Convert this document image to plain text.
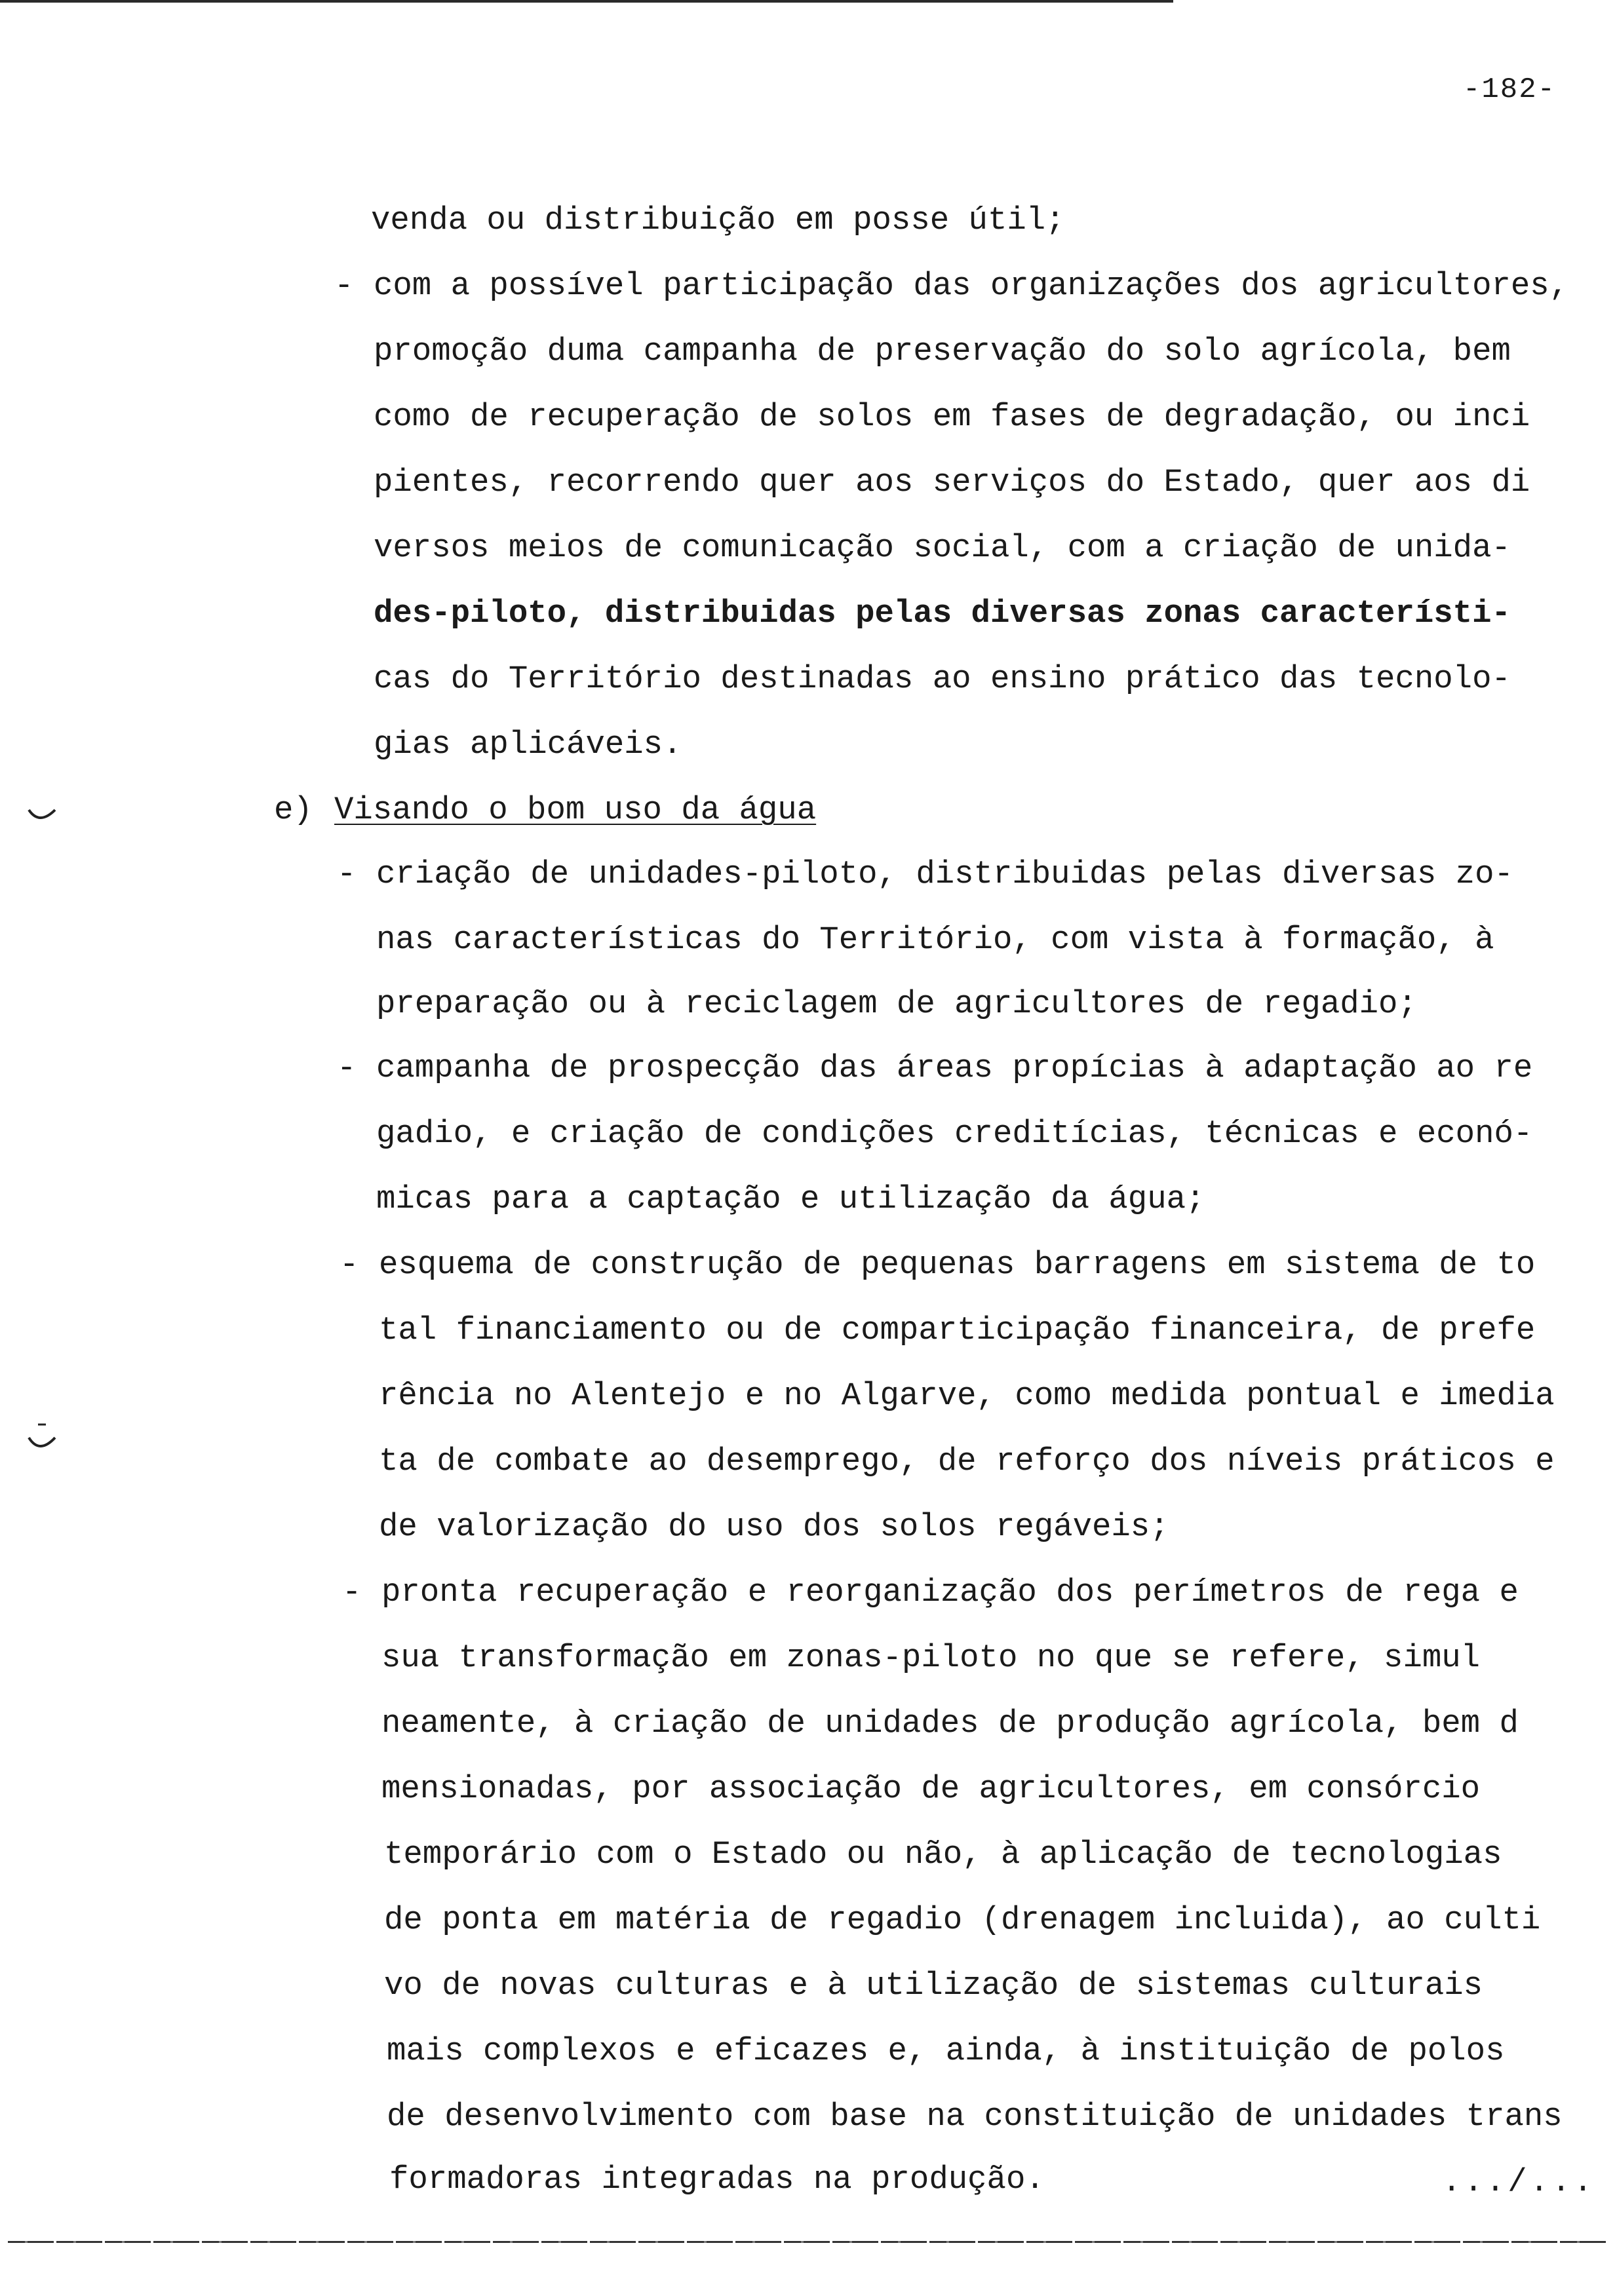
-182-
venda ou distribuição em posse útil;
- com a possível participação das organizações dos agricultores,
promoção duma campanha de preservação do solo agrícola, bem
como de recuperação de solos em fases de degradação, ou inci
pientes, recorrendo quer aos serviços do Estado, quer aos di
versos meios de comunicação social, com a criação de unida-
des-piloto, distribuidas pelas diversas zonas característi-
cas do Território destinadas ao ensino prático das tecnolo-
gias aplicáveis.
e) Visando o bom uso da água
- criação de unidades-piloto, distribuidas pelas diversas zo-
nas características do Território, com vista à formação, à
preparação ou à reciclagem de agricultores de regadio;
- campanha de prospecção das áreas propícias à adaptação ao re
gadio, e criação de condições creditícias, técnicas e econó-
micas para a captação e utilização da água;
- esquema de construção de pequenas barragens em sistema de to
tal financiamento ou de comparticipação financeira, de prefe
rência no Alentejo e no Algarve, como medida pontual e imedia
ta de combate ao desemprego, de reforço dos níveis práticos e
de valorização do uso dos solos regáveis;
- pronta recuperação e reorganização dos perímetros de rega e
sua transformação em zonas-piloto no que se refere, simul
neamente, à criação de unidades de produção agrícola, bem d
mensionadas, por associação de agricultores, em consórcio
temporário com o Estado ou não, à aplicação de tecnologias
de ponta em matéria de regadio (drenagem incluida), ao culti
vo de novas culturas e à utilização de sistemas culturais
mais complexos e eficazes e, ainda, à instituição de polos
de desenvolvimento com base na constituição de unidades trans
formadoras integradas na produção.	.../...
